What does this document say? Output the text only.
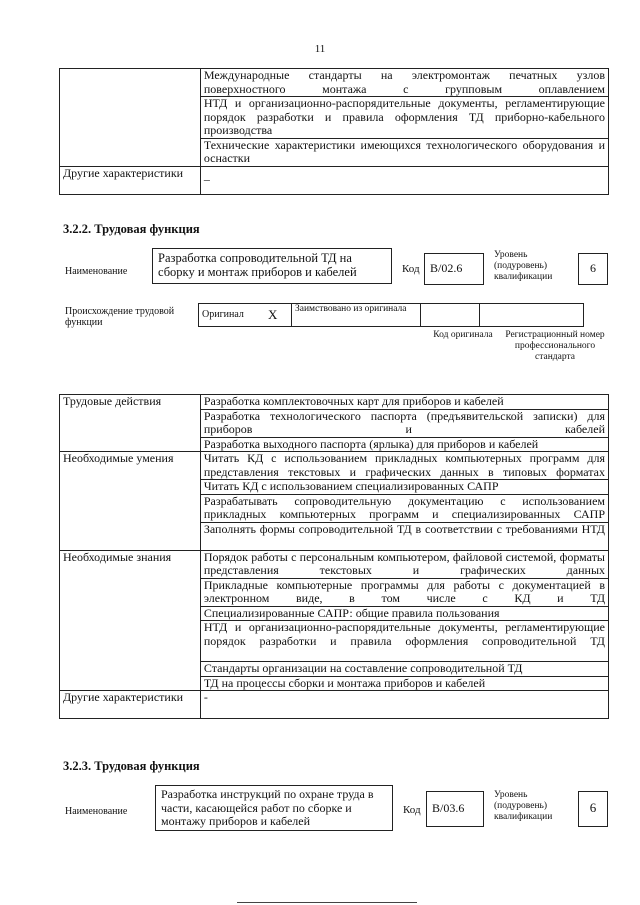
11
	Международные стандарты на электромонтаж печатных узлов поверхностного монтажа с групповым оплавлением
	НТД и организационно-распорядительные документы, регламентирующие порядок разработки и правила оформления ТД приборно-кабельного производства
	Технические характеристики имеющихся технологического оборудования и оснастки
Другие характеристики	–
3.2.2. Трудовая функция
Наименование
Разработка сопроводительной ТД на сборку и монтаж приборов и кабелей	Код B/02.6
Уровень (подуровень) квалификации
6
Происхождение трудовой функции
Оригинал	X	Заимствовано из оригинала		
Код оригинала	Регистрационный номер профессионального стандарта
Трудовые действия	Разработка комплектовочных карт для приборов и кабелей
	Разработка технологического паспорта (предъявительской записки) для приборов и кабелей
	Разработка выходного паспорта (ярлыка) для приборов и кабелей
Необходимые умения	Читать КД с использованием прикладных компьютерных программ для представления текстовых и графических данных в типовых форматах
	Читать КД с использованием специализированных САПР
	Разрабатывать сопроводительную документацию с использованием прикладных компьютерных программ и специализированных САПР
	Заполнять формы сопроводительной ТД в соответствии с требованиями НТД
Необходимые знания	Порядок работы с персональным компьютером, файловой системой, форматы представления текстовых и графических данных
	Прикладные компьютерные программы для работы с документацией в электронном виде, в том числе с КД и ТД
	Специализированные САПР: общие правила пользования
	НТД и организационно-распорядительные документы, регламентирующие порядок разработки и правила оформления сопроводительной ТД
	Стандарты организации на составление сопроводительной ТД
	ТД на процессы сборки и монтажа приборов и кабелей
Другие характеристики	-
3.2.3. Трудовая функция
Наименование
Разработка инструкций по охране труда в части, касающейся работ по сборке и монтажу приборов и кабелей
Код B/03.6
Уровень (подуровень) квалификации
6
